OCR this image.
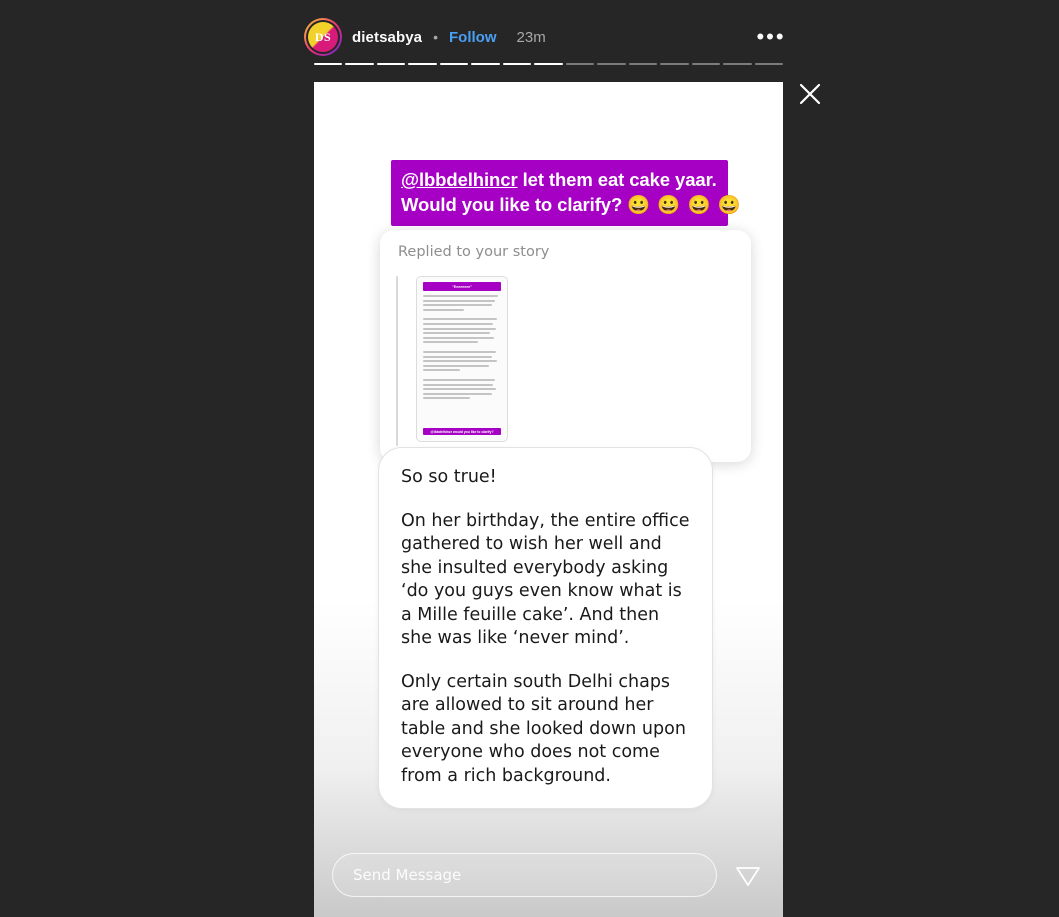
DS	dietsabya • Follow 23m	•••
@lbbdelhincr let them eat cake yaar.
Would you like to clarify? 😀 😀 😀 😀
Replied to your story
"Eeeeeeee"
@lbbdelhincr would you like to clarify?

So so true!

On her birthday, the entire office gathered to wish her well and she insulted everybody asking ‘do you guys even know what is a Mille feuille cake’. And then she was like ‘never mind’.

Only certain south Delhi chaps are allowed to sit around her table and she looked down upon everyone who does not come from a rich background.

Send Message
